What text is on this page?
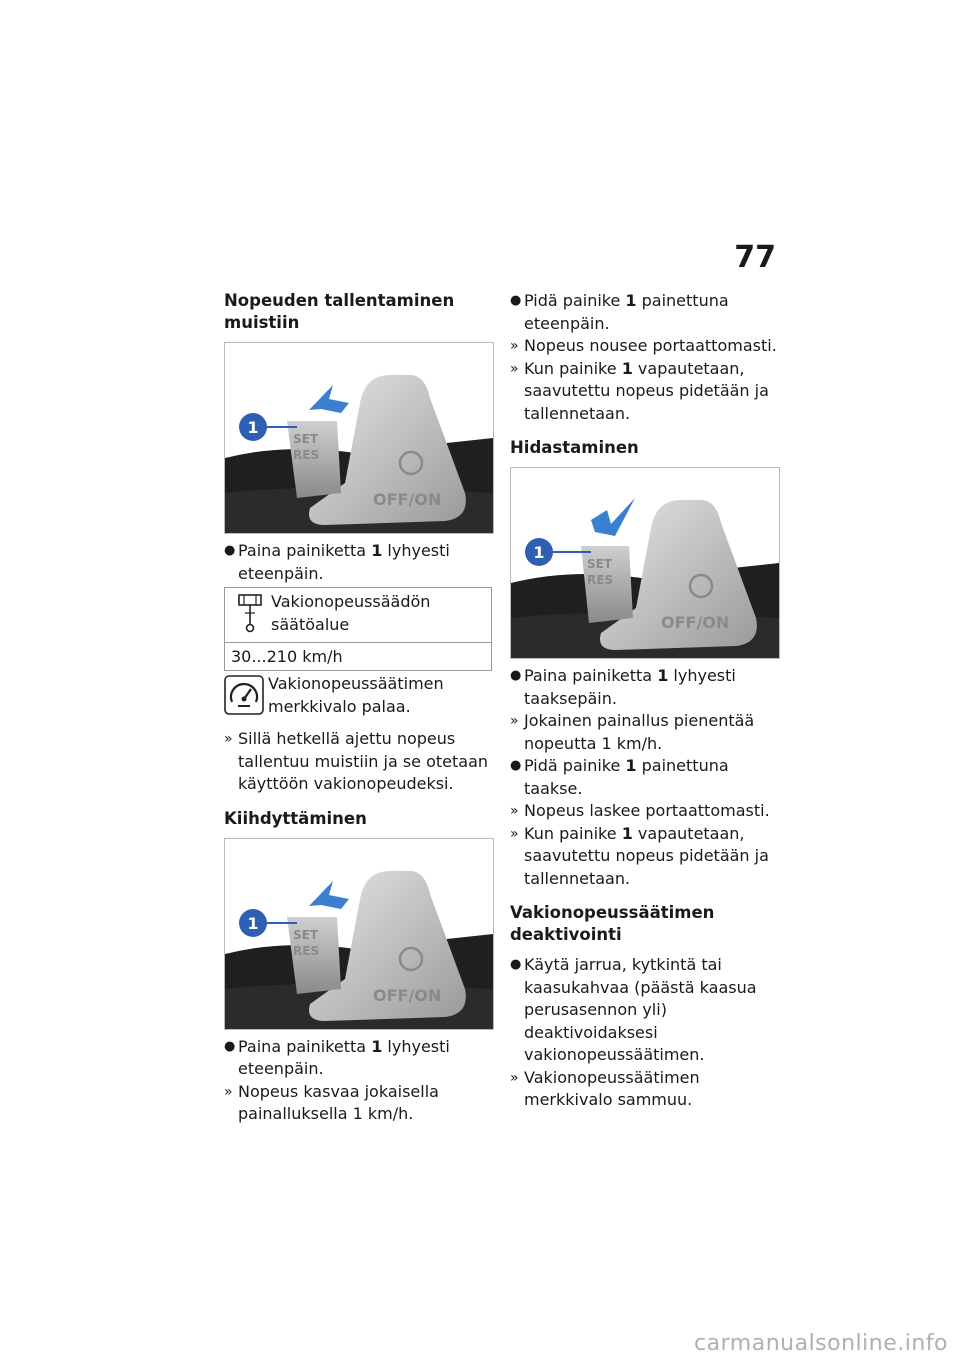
77
Nopeuden tallentaminen muistiin
1
SET
RES
OFF/ON
● Paina painiketta 1 lyhyesti eteenpäin.
Vakionopeussäädön säätöalue
30...210 km/h
Vakionopeussäätimen merkkivalo palaa.
» Sillä hetkellä ajettu nopeus tallentuu muistiin ja se otetaan käyttöön vakionopeudeksi.
Kiihdyttäminen
1
SET
RES
OFF/ON
● Paina painiketta 1 lyhyesti eteenpäin.
» Nopeus kasvaa jokaisella painalluksella 1 km/h.
● Pidä painike 1 painettuna eteenpäin.
» Nopeus nousee portaattomasti.
» Kun painike 1 vapautetaan, saavutettu nopeus pidetään ja tallennetaan.
Hidastaminen
1
SET
RES
OFF/ON
● Paina painiketta 1 lyhyesti taaksepäin.
» Jokainen painallus pienentää nopeutta 1 km/h.
● Pidä painike 1 painettuna taakse.
» Nopeus laskee portaattomasti.
» Kun painike 1 vapautetaan, saavutettu nopeus pidetään ja tallennetaan.
Vakionopeussäätimen deaktivointi
● Käytä jarrua, kytkintä tai kaasukahvaa (päästä kaasua perusasennon yli) deaktivoidaksesi vakionopeussäätimen.
» Vakionopeussäätimen merkkivalo sammuu.
carmanualsonline.info
